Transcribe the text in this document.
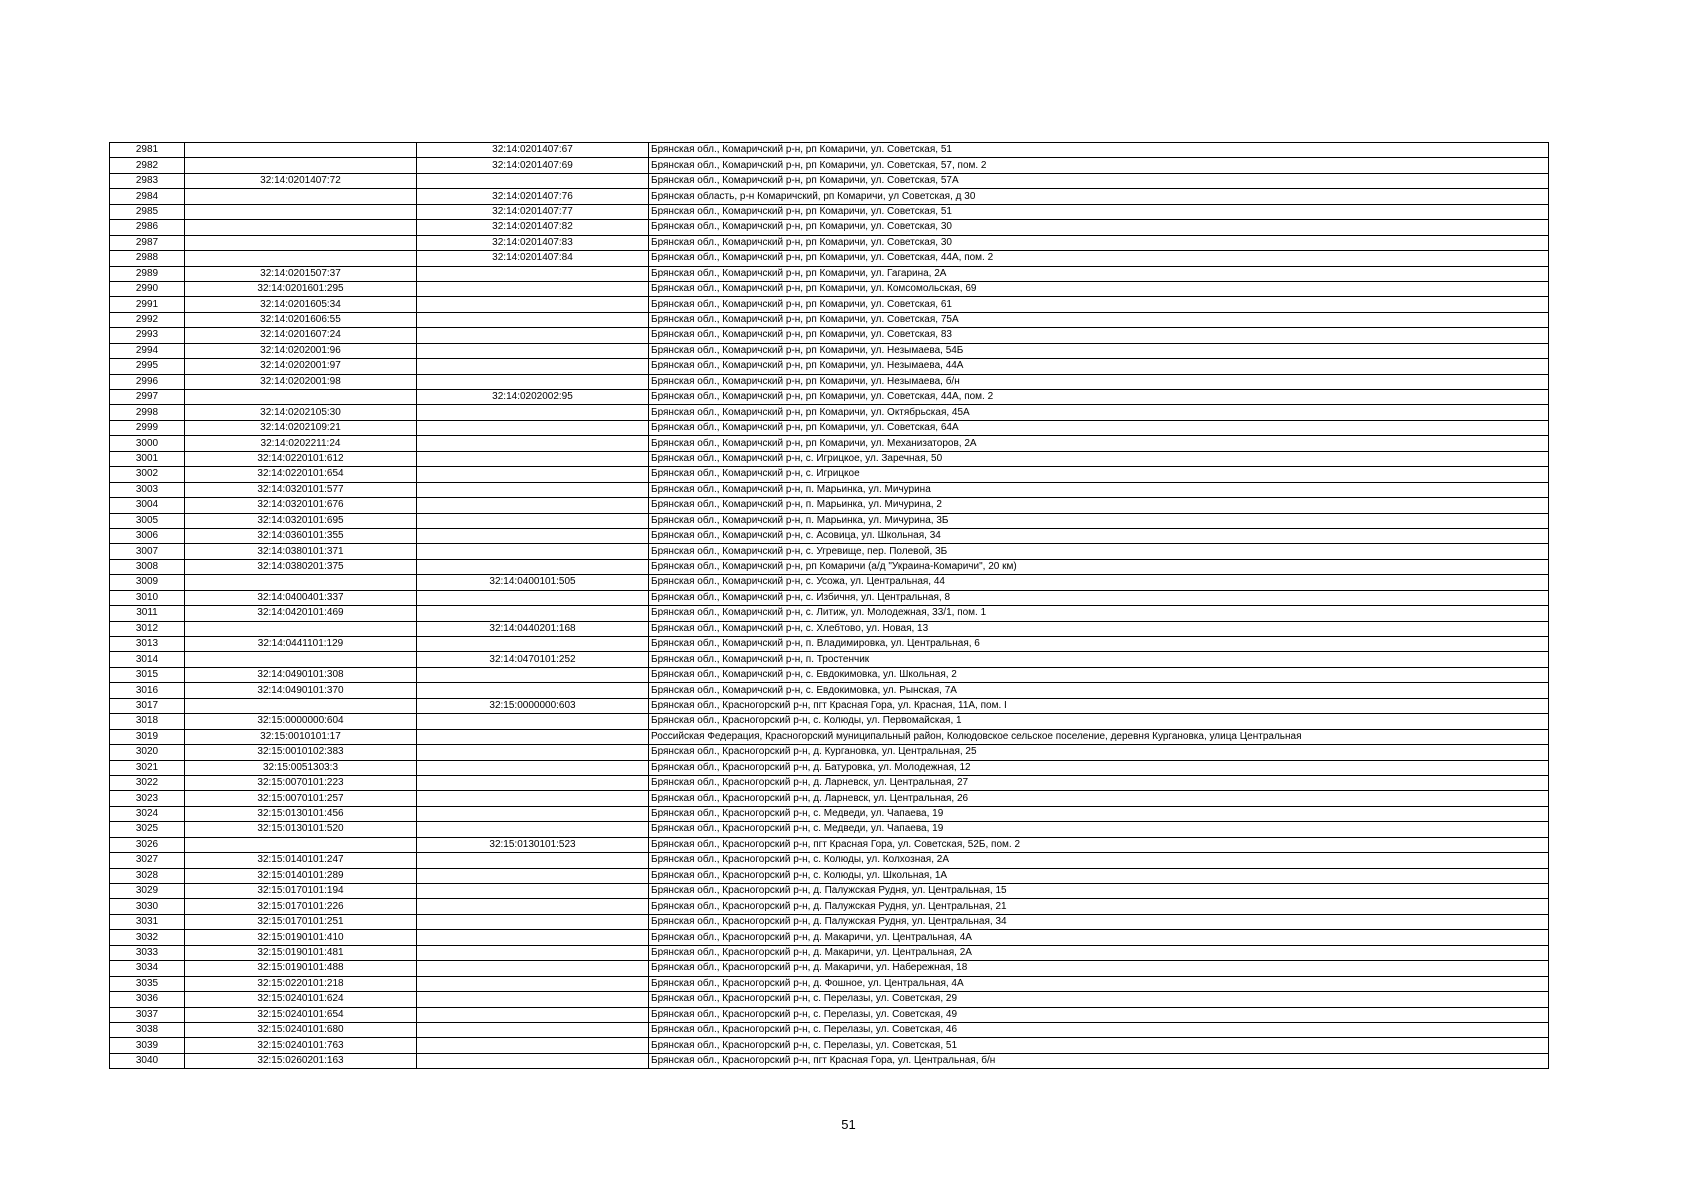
2981		32:14:0201407:67	Брянская обл., Комаричский р-н, рп Комаричи, ул. Советская, 51
2982		32:14:0201407:69	Брянская обл., Комаричский р-н, рп Комаричи, ул. Советская, 57, пом. 2
2983	32:14:0201407:72		Брянская обл., Комаричский р-н, рп Комаричи, ул. Советская, 57А
2984		32:14:0201407:76	Брянская область, р-н Комаричский, рп Комаричи, ул Советская, д 30
2985		32:14:0201407:77	Брянская обл., Комаричский р-н, рп Комаричи, ул. Советская, 51
2986		32:14:0201407:82	Брянская обл., Комаричский р-н, рп Комаричи, ул. Советская, 30
2987		32:14:0201407:83	Брянская обл., Комаричский р-н, рп Комаричи, ул. Советская, 30
2988		32:14:0201407:84	Брянская обл., Комаричский р-н, рп Комаричи, ул. Советская, 44А, пом. 2
2989	32:14:0201507:37		Брянская обл., Комаричский р-н, рп Комаричи, ул. Гагарина, 2А
2990	32:14:0201601:295		Брянская обл., Комаричский р-н, рп Комаричи, ул. Комсомольская, 69
2991	32:14:0201605:34		Брянская обл., Комаричский р-н, рп Комаричи, ул. Советская, 61
2992	32:14:0201606:55		Брянская обл., Комаричский р-н, рп Комаричи, ул. Советская, 75А
2993	32:14:0201607:24		Брянская обл., Комаричский р-н, рп Комаричи, ул. Советская, 83
2994	32:14:0202001:96		Брянская обл., Комаричский р-н, рп Комаричи, ул. Незымаева, 54Б
2995	32:14:0202001:97		Брянская обл., Комаричский р-н, рп Комаричи, ул. Незымаева, 44А
2996	32:14:0202001:98		Брянская обл., Комаричский р-н, рп Комаричи, ул. Незымаева, б/н
2997		32:14:0202002:95	Брянская обл., Комаричский р-н, рп Комаричи, ул. Советская, 44А, пом. 2
2998	32:14:0202105:30		Брянская обл., Комаричский р-н, рп Комаричи, ул. Октябрьская, 45А
2999	32:14:0202109:21		Брянская обл., Комаричский р-н, рп Комаричи, ул. Советская, 64А
3000	32:14:0202211:24		Брянская обл., Комаричский р-н, рп Комаричи, ул. Механизаторов, 2А
3001	32:14:0220101:612		Брянская обл., Комаричский р-н, с. Игрицкое, ул. Заречная, 50
3002	32:14:0220101:654		Брянская обл., Комаричский р-н, с. Игрицкое
3003	32:14:0320101:577		Брянская обл., Комаричский р-н, п. Марьинка, ул. Мичурина
3004	32:14:0320101:676		Брянская обл., Комаричский р-н, п. Марьинка, ул. Мичурина, 2
3005	32:14:0320101:695		Брянская обл., Комаричский р-н, п. Марьинка, ул. Мичурина, 3Б
3006	32:14:0360101:355		Брянская обл., Комаричский р-н, с. Асовица, ул. Школьная, 34
3007	32:14:0380101:371		Брянская обл., Комаричский р-н, с. Угревище, пер. Полевой, 3Б
3008	32:14:0380201:375		Брянская обл., Комаричский р-н, рп Комаричи (а/д "Украина-Комаричи", 20 км)
3009		32:14:0400101:505	Брянская обл., Комаричский р-н, с. Усожа, ул. Центральная, 44
3010	32:14:0400401:337		Брянская обл., Комаричский р-н, с. Избичня, ул. Центральная, 8
3011	32:14:0420101:469		Брянская обл., Комаричский р-н, с. Литиж, ул. Молодежная, 33/1, пом. 1
3012		32:14:0440201:168	Брянская обл., Комаричский р-н, с. Хлебтово, ул. Новая, 13
3013	32:14:0441101:129		Брянская обл., Комаричский р-н, п. Владимировка, ул. Центральная, 6
3014		32:14:0470101:252	Брянская обл., Комаричский р-н, п. Тростенчик
3015	32:14:0490101:308		Брянская обл., Комаричский р-н, с. Евдокимовка, ул. Школьная, 2
3016	32:14:0490101:370		Брянская обл., Комаричский р-н, с. Евдокимовка, ул. Рынская, 7А
3017		32:15:0000000:603	Брянская обл., Красногорский р-н, пгт Красная Гора, ул. Красная, 11А, пом. I
3018	32:15:0000000:604		Брянская обл., Красногорский р-н, с. Колюды, ул. Первомайская, 1
3019	32:15:0010101:17		Российская Федерация, Красногорский муниципальный район, Колюдовское сельское поселение, деревня Кургановка, улица Центральная
3020	32:15:0010102:383		Брянская обл., Красногорский р-н, д. Кургановка, ул. Центральная, 25
3021	32:15:0051303:3		Брянская обл., Красногорский р-н, д. Батуровка, ул. Молодежная, 12
3022	32:15:0070101:223		Брянская обл., Красногорский р-н, д. Ларневск, ул. Центральная, 27
3023	32:15:0070101:257		Брянская обл., Красногорский р-н, д. Ларневск, ул. Центральная, 26
3024	32:15:0130101:456		Брянская обл., Красногорский р-н, с. Медведи, ул. Чапаева, 19
3025	32:15:0130101:520		Брянская обл., Красногорский р-н, с. Медведи, ул. Чапаева, 19
3026		32:15:0130101:523	Брянская обл., Красногорский р-н, пгт Красная Гора, ул. Советская, 52Б, пом. 2
3027	32:15:0140101:247		Брянская обл., Красногорский р-н, с. Колюды, ул. Колхозная, 2А
3028	32:15:0140101:289		Брянская обл., Красногорский р-н, с. Колюды, ул. Школьная, 1А
3029	32:15:0170101:194		Брянская обл., Красногорский р-н, д. Палужская Рудня, ул. Центральная, 15
3030	32:15:0170101:226		Брянская обл., Красногорский р-н, д. Палужская Рудня, ул. Центральная, 21
3031	32:15:0170101:251		Брянская обл., Красногорский р-н, д. Палужская Рудня, ул. Центральная, 34
3032	32:15:0190101:410		Брянская обл., Красногорский р-н, д. Макаричи, ул. Центральная, 4А
3033	32:15:0190101:481		Брянская обл., Красногорский р-н, д. Макаричи, ул. Центральная, 2А
3034	32:15:0190101:488		Брянская обл., Красногорский р-н, д. Макаричи, ул. Набережная, 18
3035	32:15:0220101:218		Брянская обл., Красногорский р-н, д. Фошное, ул. Центральная, 4А
3036	32:15:0240101:624		Брянская обл., Красногорский р-н, с. Перелазы, ул. Советская, 29
3037	32:15:0240101:654		Брянская обл., Красногорский р-н, с. Перелазы, ул. Советская, 49
3038	32:15:0240101:680		Брянская обл., Красногорский р-н, с. Перелазы, ул. Советская, 46
3039	32:15:0240101:763		Брянская обл., Красногорский р-н, с. Перелазы, ул. Советская, 51
3040	32:15:0260201:163		Брянская обл., Красногорский р-н, пгт Красная Гора, ул. Центральная, б/н
51
